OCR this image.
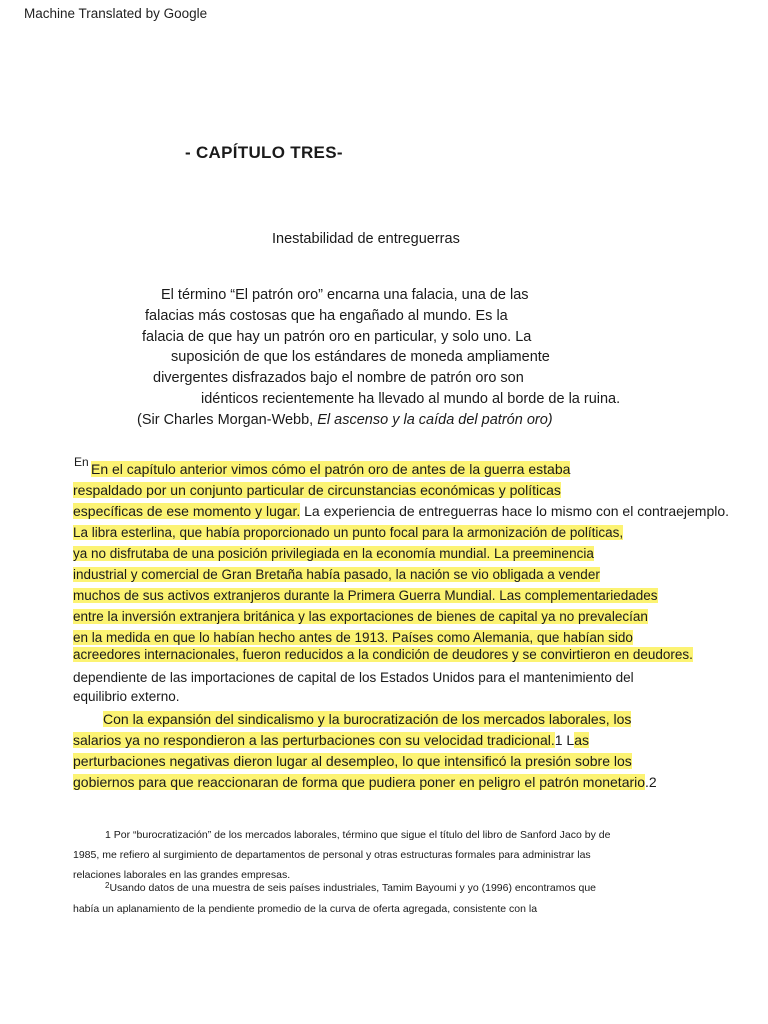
Machine Translated by Google
- CAPÍTULO TRES-
Inestabilidad de entreguerras
El término “El patrón oro” encarna una falacia, una de las
falacias más costosas que ha engañado al mundo. Es la
falacia de que hay un patrón oro en particular, y solo uno. La
suposición de que los estándares de moneda ampliamente
divergentes disfrazados bajo el nombre de patrón oro son
idénticos recientemente ha llevado al mundo al borde de la ruina.
(Sir Charles Morgan-Webb, El ascenso y la caída del patrón oro)
En En el capítulo anterior vimos cómo el patrón oro de antes de la guerra estaba
respaldado por un conjunto particular de circunstancias económicas y políticas
específicas de ese momento y lugar. La experiencia de entreguerras hace lo mismo con el contraejemplo.
La libra esterlina, que había proporcionado un punto focal para la armonización de políticas,
ya no disfrutaba de una posición privilegiada en la economía mundial. La preeminencia
industrial y comercial de Gran Bretaña había pasado, la nación se vio obligada a vender
muchos de sus activos extranjeros durante la Primera Guerra Mundial. Las complementariedades
entre la inversión extranjera británica y las exportaciones de bienes de capital ya no prevalecían
en la medida en que lo habían hecho antes de 1913. Países como Alemania, que habían sido
acreedores internacionales, fueron reducidos a la condición de deudores y se convirtieron en deudores.
dependiente de las importaciones de capital de los Estados Unidos para el mantenimiento del
equilibrio externo.
Con la expansión del sindicalismo y la burocratización de los mercados laborales, los
salarios ya no respondieron a las perturbaciones con su velocidad tradicional.1 Las
perturbaciones negativas dieron lugar al desempleo, lo que intensificó la presión sobre los
gobiernos para que reaccionaran de forma que pudiera poner en peligro el patrón monetario.2
1 Por “burocratización” de los mercados laborales, término que sigue el título del libro de Sanford Jaco by de
1985, me refiero al surgimiento de departamentos de personal y otras estructuras formales para administrar las
relaciones laborales en las grandes empresas.
$^2$Usando datos de una muestra de seis países industriales, Tamim Bayoumi y yo (1996) encontramos que
había un aplanamiento de la pendiente promedio de la curva de oferta agregada, consistente con la
